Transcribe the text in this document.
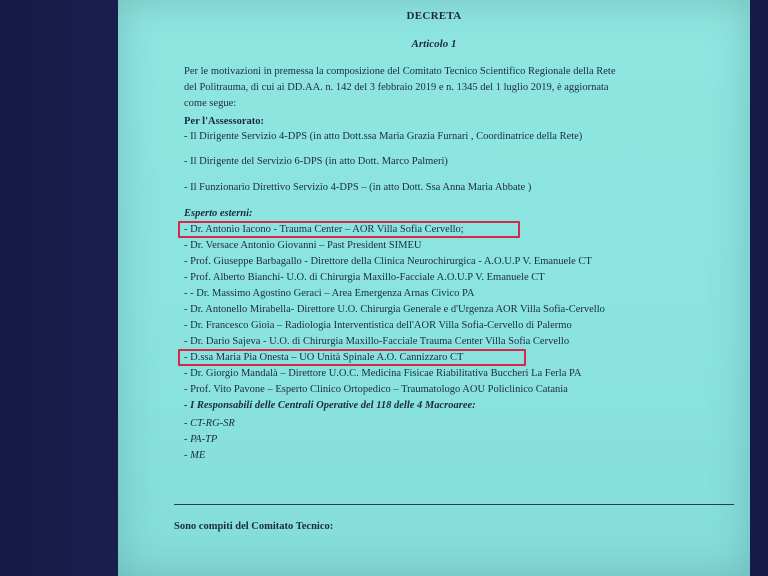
DECRETA
Articolo 1
Per le motivazioni in premessa la composizione del Comitato Tecnico Scientifico Regionale della Rete
del Politrauma, di cui ai DD.AA. n. 142 del 3 febbraio 2019 e n. 1345 del 1 luglio 2019, è aggiornata
come segue:
Per l'Assessorato:
- Il Dirigente Servizio 4-DPS (in atto Dott.ssa Maria Grazia Furnari , Coordinatrice della Rete)
- Il Dirigente del Servizio 6-DPS (in atto Dott. Marco Palmeri)
- Il Funzionario Direttivo Servizio 4-DPS – (in atto Dott. Ssa Anna Maria Abbate )
Esperto esterni:
- Dr. Antonio Iacono - Trauma Center – AOR Villa Sofia Cervello;
- Dr. Versace Antonio Giovanni – Past President SIMEU
- Prof. Giuseppe Barbagallo - Direttore della Clinica Neurochirurgica - A.O.U.P V. Emanuele CT
- Prof. Alberto Bianchi- U.O. di Chirurgia Maxillo-Facciale A.O.U.P V. Emanuele CT
- - Dr. Massimo Agostino Geraci – Area Emergenza Arnas Civico PA
- Dr. Antonello Mirabella- Direttore U.O. Chirurgia Generale e d'Urgenza AOR Villa Sofia-Cervello
- Dr. Francesco Gioia – Radiologia Interventistica dell'AOR Villa Sofia-Cervello di Palermo
- Dr. Dario Sajeva - U.O. di Chirurgia Maxillo-Facciale Trauma Center Villa Sofia Cervello
- D.ssa Maria Pia Onesta – UO Unità Spinale A.O. Cannizzaro CT
- Dr. Giorgio Mandalà – Direttore U.O.C. Medicina Fisicae Riabilitativa Buccheri La Ferla PA
- Prof. Vito Pavone – Esperto Clinico Ortopedico – Traumatologo AOU Policlinico Catania
- I Responsabili delle Centrali Operative del 118 delle 4 Macroaree:
- CT-RG-SR
- PA-TP
- ME
Sono compiti del Comitato Tecnico:
